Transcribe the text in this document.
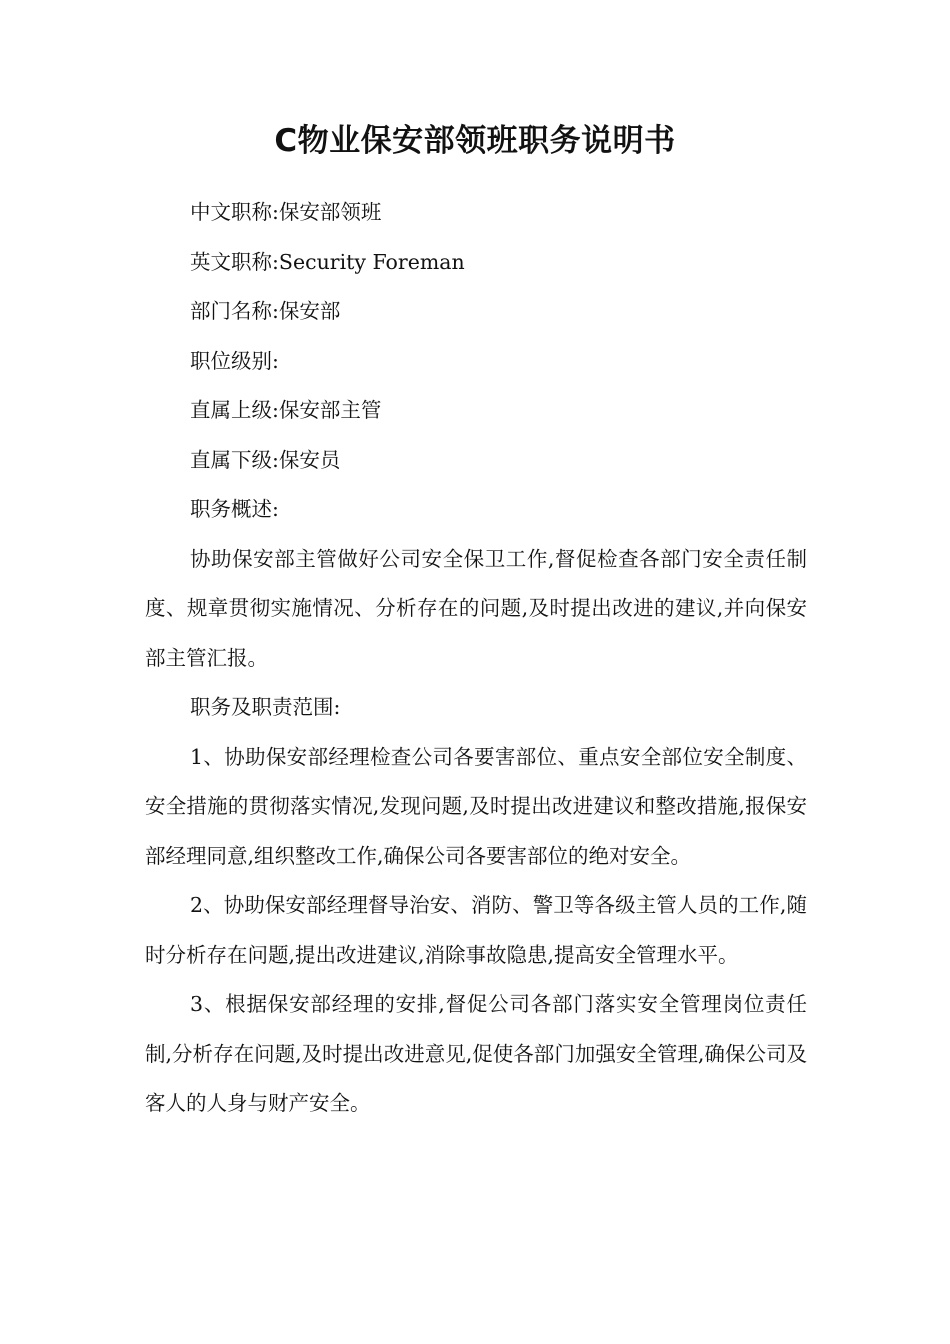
C物业保安部领班职务说明书

中文职称:保安部领班

英文职称:Security Foreman

部门名称:保安部

职位级别:

直属上级:保安部主管

直属下级:保安员

职务概述:

协助保安部主管做好公司安全保卫工作,督促检查各部门安全责任制度、规章贯彻实施情况、分析存在的问题,及时提出改进的建议,并向保安部主管汇报。

职务及职责范围:

1、协助保安部经理检查公司各要害部位、重点安全部位安全制度、安全措施的贯彻落实情况,发现问题,及时提出改进建议和整改措施,报保安部经理同意,组织整改工作,确保公司各要害部位的绝对安全。

2、协助保安部经理督导治安、消防、警卫等各级主管人员的工作,随时分析存在问题,提出改进建议,消除事故隐患,提高安全管理水平。

3、根据保安部经理的安排,督促公司各部门落实安全管理岗位责任制,分析存在问题,及时提出改进意见,促使各部门加强安全管理,确保公司及客人的人身与财产安全。
